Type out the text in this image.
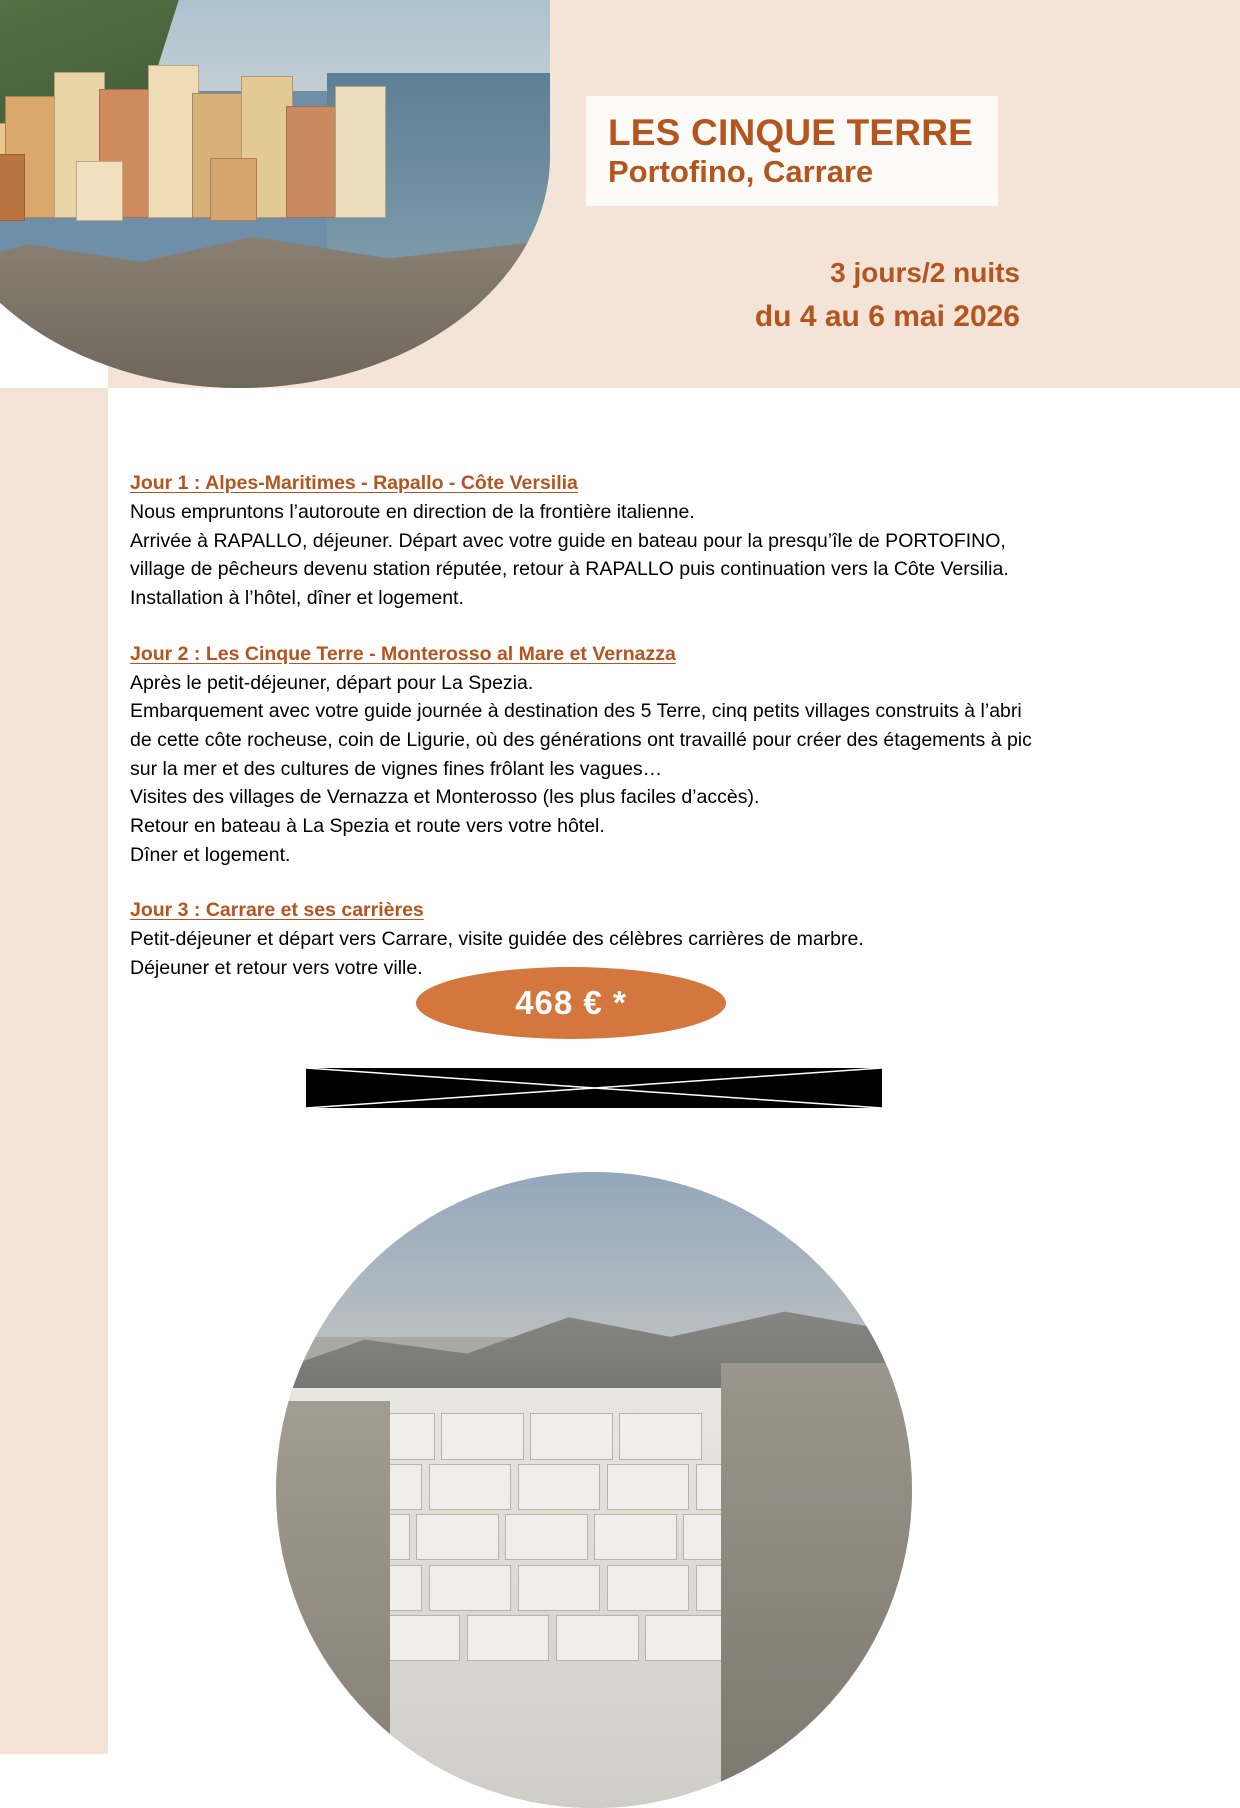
LES CINQUE TERRE
Portofino, Carrare
3 jours/2 nuits
du 4 au 6 mai 2026
Jour 1 : Alpes-Maritimes - Rapallo - Côte Versilia
Nous empruntons l’autoroute en direction de la frontière italienne.
Arrivée à RAPALLO, déjeuner. Départ avec votre guide en bateau pour la presqu’île de PORTOFINO,
village de pêcheurs devenu station réputée, retour à RAPALLO puis continuation vers la Côte Versilia.
Installation à l’hôtel, dîner et logement.
Jour 2 : Les Cinque Terre - Monterosso al Mare et Vernazza
Après le petit-déjeuner, départ pour La Spezia.
Embarquement avec votre guide journée à destination des 5 Terre, cinq petits villages construits à l’abri
de cette côte rocheuse, coin de Ligurie, où des générations ont travaillé pour créer des étagements à pic
sur la mer et des cultures de vignes fines frôlant les vagues…
Visites des villages de Vernazza et Monterosso (les plus faciles d’accès).
Retour en bateau à La Spezia et route vers votre hôtel.
Dîner et logement.
Jour 3 : Carrare et ses carrières
Petit-déjeuner et départ vers Carrare, visite guidée des célèbres carrières de marbre.
Déjeuner et retour vers votre ville.
468 € *
